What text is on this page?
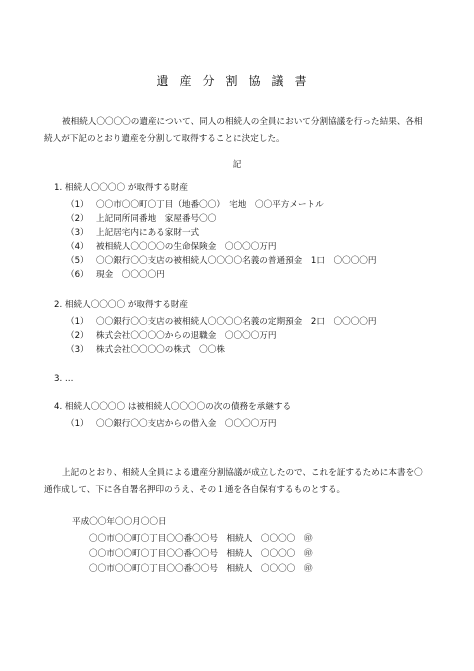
遺産分割協議書
被相続人〇〇〇〇の遺産について、同人の相続人の全員において分割協議を行った結果、各相
続人が下記のとおり遺産を分割して取得することに決定した。
記
1. 相続人〇〇〇〇 が取得する財産
（1） 〇〇市〇〇町〇丁目（地番〇〇）　宅地　〇〇平方メートル
（2） 上記同所同番地　家屋番号〇〇
（3） 上記居宅内にある家財一式
（4） 被相続人〇〇〇〇の生命保険金　〇〇〇〇万円
（5） 〇〇銀行〇〇支店の被相続人〇〇〇〇名義の普通預金　1口　〇〇〇〇円
（6） 現金　〇〇〇〇円
2. 相続人〇〇〇〇 が取得する財産
（1） 〇〇銀行〇〇支店の被相続人〇〇〇〇名義の定期預金　2口　〇〇〇〇円
（2） 株式会社〇〇〇〇からの退職金　〇〇〇〇万円
（3） 株式会社〇〇〇〇の株式　〇〇株
3. …
4. 相続人〇〇〇〇 は被相続人〇〇〇〇の次の債務を承継する
（1） 〇〇銀行〇〇支店からの借入金　〇〇〇〇万円
上記のとおり、相続人全員による遺産分割協議が成立したので、これを証するために本書を〇
通作成して、下に各自署名押印のうえ、その１通を各自保有するものとする。
平成〇〇年〇〇月〇〇日
〇〇市〇〇町〇丁目〇〇番〇〇号　相続人　〇〇〇〇　㊞
〇〇市〇〇町〇丁目〇〇番〇〇号　相続人　〇〇〇〇　㊞
〇〇市〇〇町〇丁目〇〇番〇〇号　相続人　〇〇〇〇　㊞
